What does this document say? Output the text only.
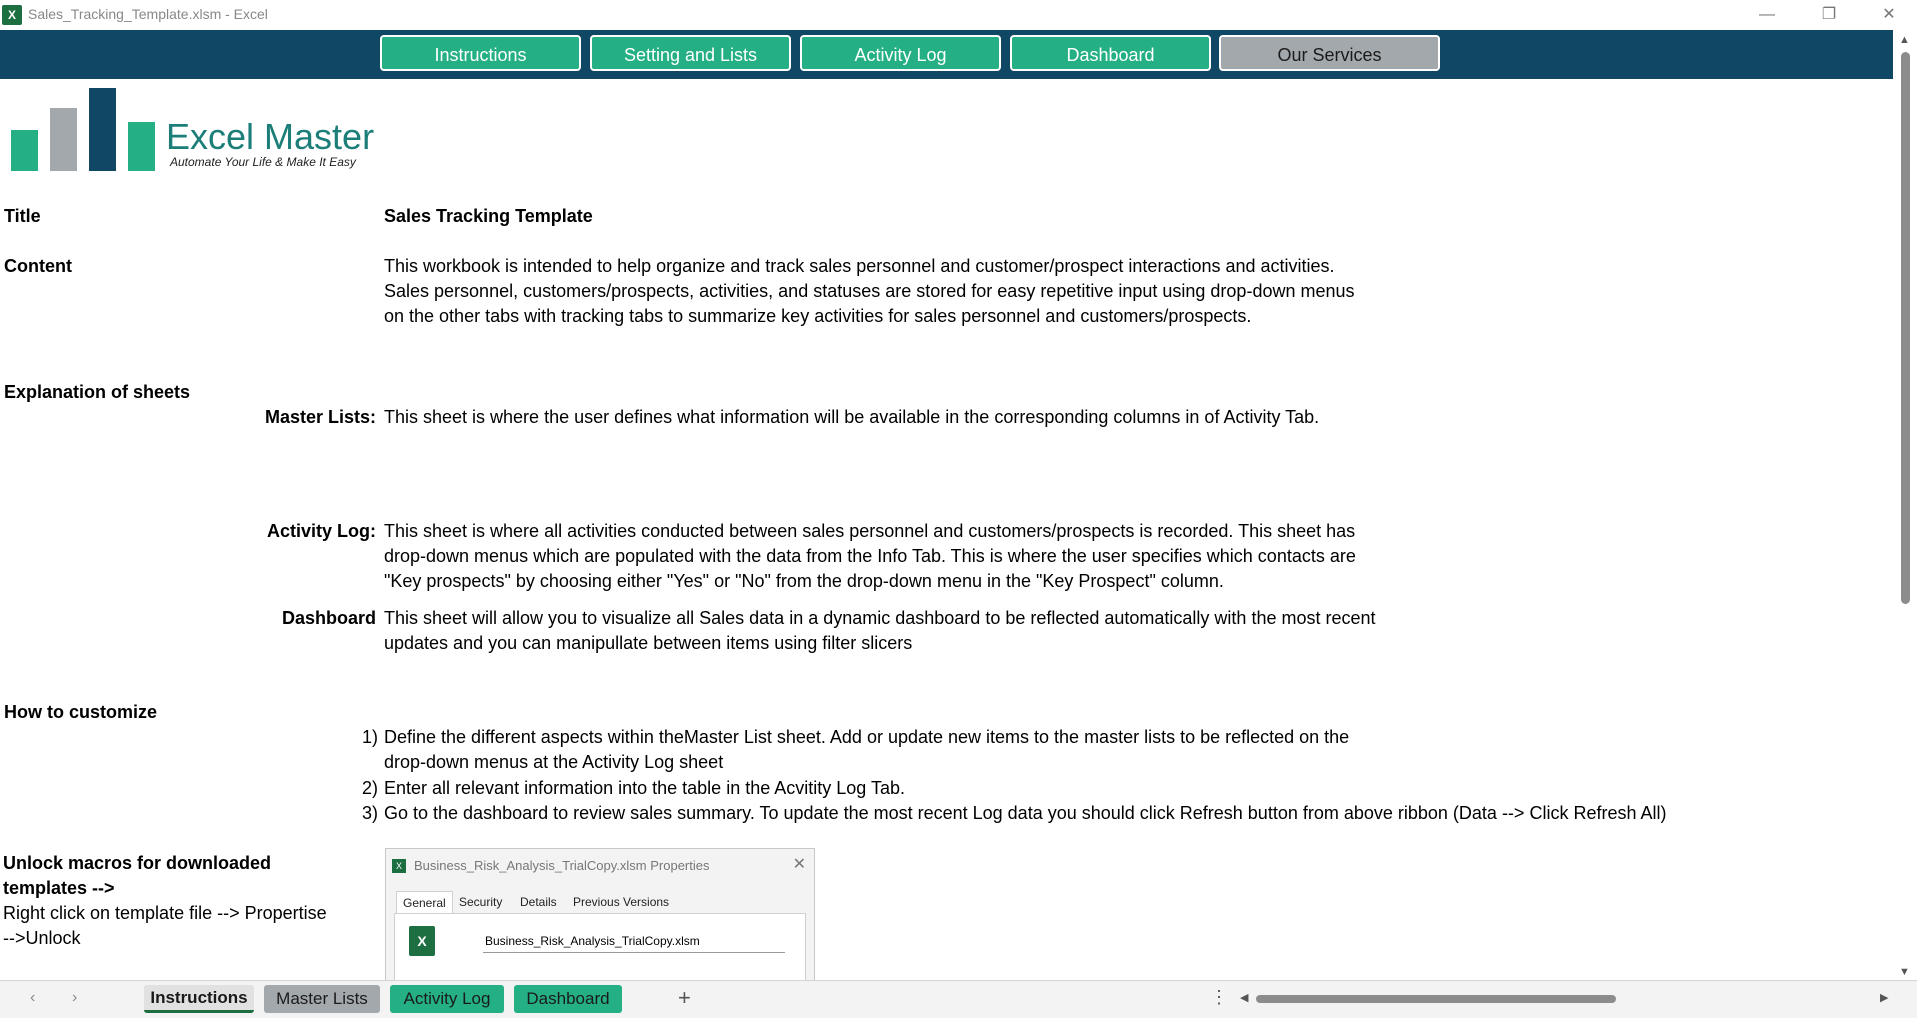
X Sales_Tracking_Template.xlsm - Excel	—	❐	✕
Instructions	Setting and Lists	Activity Log	Dashboard	Our Services
▲
▼
Excel Master
Automate Your Life & Make It Easy
Title	Sales Tracking Template
Content	This workbook is intended to help organize and track sales personnel and customer/prospect interactions and activities.
Sales personnel, customers/prospects, activities, and statuses are stored for easy repetitive input using drop-down menus
on the other tabs with tracking tabs to summarize key activities for sales personnel and customers/prospects.
Explanation of sheets
Master Lists: This sheet is where the user defines what information will be available in the corresponding columns in of Activity Tab.
Activity Log: This sheet is where all activities conducted between sales personnel and customers/prospects is recorded. This sheet has
drop-down menus which are populated with the data from the Info Tab. This is where the user specifies which contacts are
"Key prospects" by choosing either "Yes" or "No" from the drop-down menu in the "Key Prospect" column.
Dashboard This sheet will allow you to visualize all Sales data in a dynamic dashboard to be reflected automatically with the most recent
updates and you can manipullate between items using filter slicers
How to customize
1) Define the different aspects within theMaster List sheet. Add or update new items to the master lists to be reflected on the
drop-down menus at the Activity Log sheet
2) Enter all relevant information into the table in the Acvitity Log Tab.
3) Go to the dashboard to review sales summary. To update the most recent Log data you should click Refresh button from above ribbon (Data --> Click Refresh All)
Unlock macros for downloaded
templates -->
Right click on template file --> Propertise
-->Unlock
X Business_Risk_Analysis_TrialCopy.xlsm Properties	✕
General	Security	Details	Previous Versions
X	Business_Risk_Analysis_TrialCopy.xlsm
‹ ›	Instructions	Master Lists	Activity Log	Dashboard	+	⋮ ◀	▶
